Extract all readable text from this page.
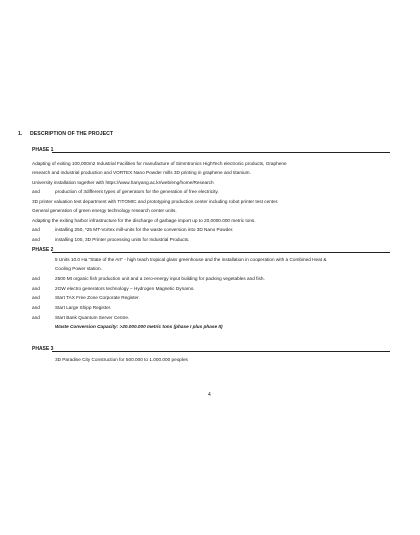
1. DESCRIPTION OF THE PROJECT
PHASE 1
Adapting of exiting 100,000m2 Industrial Facilities for manufacture of Simmtronics HighTech electronic products, Graphene
research and industrial production and VORTEX Nano Powder mills 3D printing in graphene and titanium.
University installation together with https://www.hanyang.ac.kr/web/eng/home/Research
and	production of 3different types of generators for the generation of free electricity.
3D printer valuation test department with TITOMIC and prototyping production center including robot printer test center.
General generation of green energy technology research center units.
Adapting the exiting harbor infrastructure for the discharge of garbage import up to 20,0000.000 metric tons.
and	installing 250, *25 MT-Vortex mill-units for the waste conversion into 3D Nano Powder.
and	installing 100, 3D Printer processing units for Industrial Products.
PHASE 2
5 Units 10.0 Ha "State of the Art" - high teach tropical glass greenhouse and the installation in cooperation with a Combined Heat &
Cooling Power station.
and	2500 Mt organic fish production unit and a zero-energy input building for packing vegetables and fish.
and	2GW electro generators technology – Hydrogen Magnetic Dynamo.
and	Start TAX Free Zone Corporate Register.
and	Start Large Shipp Register.
and	Start Bank Quantum Server Centre.
Waste Conversion Capacity: >20.000.000 metric tons (phase I plus phase II)
PHASE 3
3D Paradise City Construction for 500.000 to 1.000.000 peoples
4
